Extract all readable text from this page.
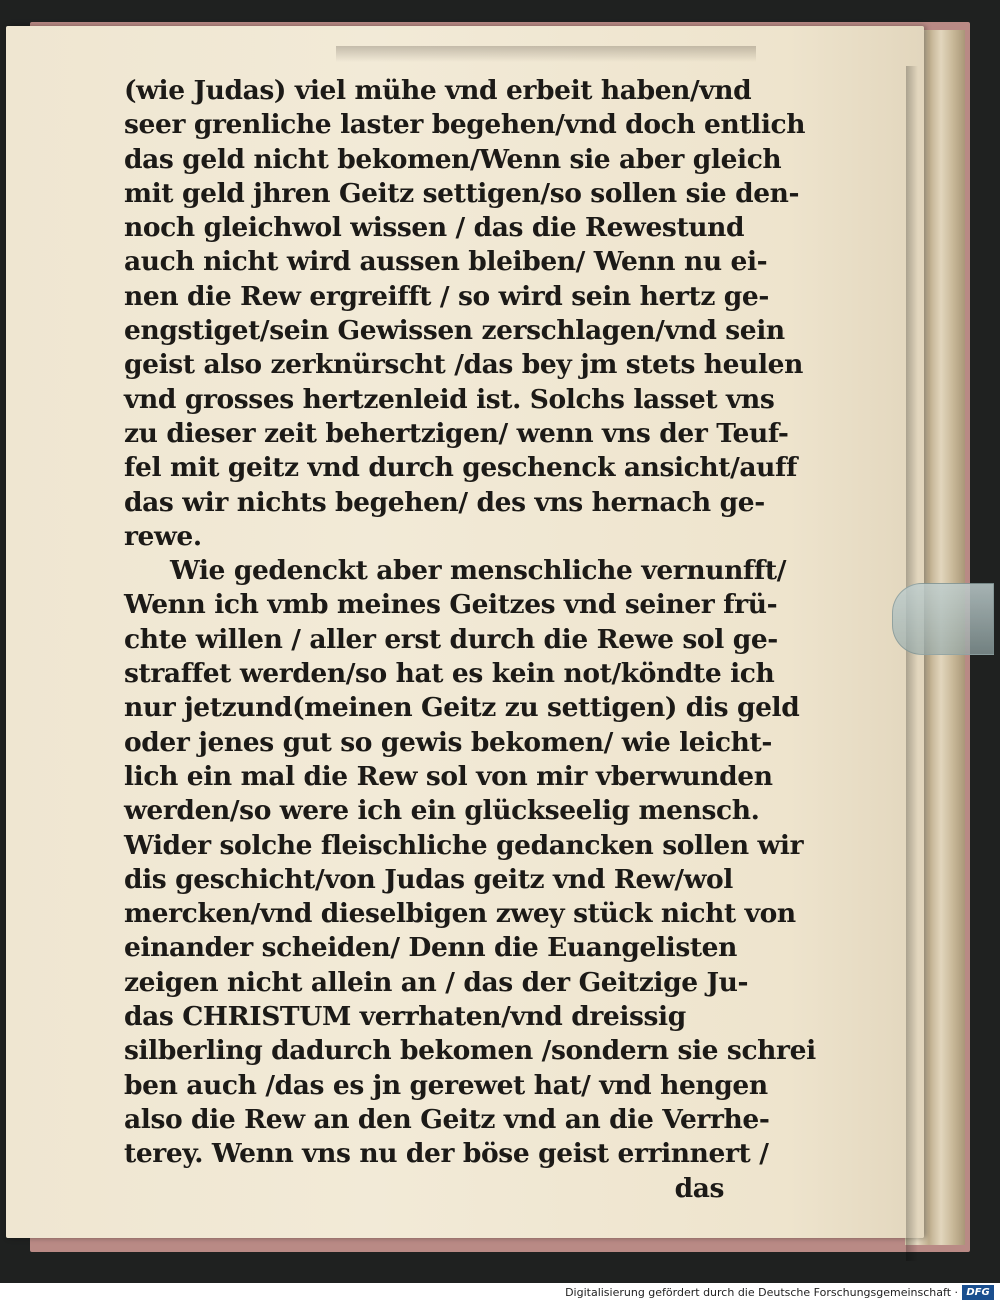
(wie Judas) viel mühe vnd erbeit haben/vnd
seer grenliche laster begehen/vnd doch entlich
das geld nicht bekomen/Wenn sie aber gleich
mit geld jhren Geitz settigen/so sollen sie den-
noch gleichwol wissen / das die Rewestund
auch nicht wird aussen bleiben/ Wenn nu ei-
nen die Rew ergreifft / so wird sein hertz ge-
engstiget/sein Gewissen zerschlagen/vnd sein
geist also zerknürscht /das bey jm stets heulen
vnd grosses hertzenleid ist. Solchs lasset vns
zu dieser zeit behertzigen/ wenn vns der Teuf-
fel mit geitz vnd durch geschenck ansicht/auff
das wir nichts begehen/ des vns hernach ge-
rewe.
Wie gedenckt aber menschliche vernunfft/
Wenn ich vmb meines Geitzes vnd seiner frü-
chte willen / aller erst durch die Rewe sol ge-
straffet werden/so hat es kein not/köndte ich
nur jetzund(meinen Geitz zu settigen) dis geld
oder jenes gut so gewis bekomen/ wie leicht-
lich ein mal die Rew sol von mir vberwunden
werden/so were ich ein glückseelig mensch.
Wider solche fleischliche gedancken sollen wir
dis geschicht/von Judas geitz vnd Rew/wol
mercken/vnd dieselbigen zwey stück nicht von
einander scheiden/ Denn die Euangelisten
zeigen nicht allein an / das der Geitzige Ju-
das CHRISTUM verrhaten/vnd dreissig
silberling dadurch bekomen /sondern sie schrei
ben auch /das es jn gerewet hat/ vnd hengen
also die Rew an den Geitz vnd an die Verrhe-
terey. Wenn vns nu der böse geist errinnert /
das
Digitalisierung gefördert durch die Deutsche Forschungsgemeinschaft · DFG
